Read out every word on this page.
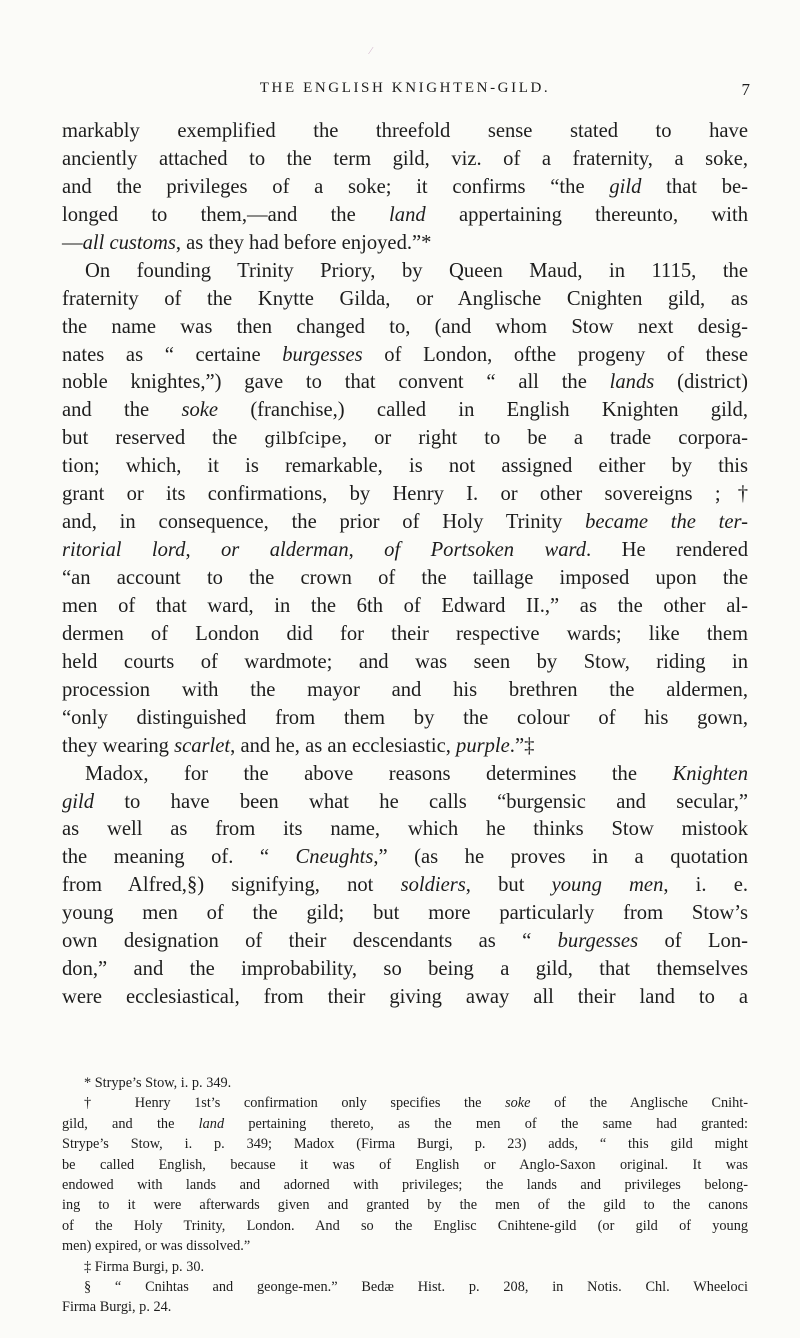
THE ENGLISH KNIGHTEN-GILD.	7
⁄
markably exemplified the threefold sense stated to have
anciently attached to the term gild, viz. of a fraternity, a soke,
and the privileges of a soke; it confirms “the gild that be-
longed to them,—and the land appertaining thereunto, with
—all customs, as they had before enjoyed.”*
On founding Trinity Priory, by Queen Maud, in 1115, the
fraternity of the Knytte Gilda, or Anglische Cnighten gild, as
the name was then changed to, (and whom Stow next desig-
nates as “ certaine burgesses of London, ofthe progeny of these
noble knightes,”) gave to that convent “ all the lands (district)
and the soke (franchise,) called in English Knighten gild,
but reserved the gilbſcipe, or right to be a trade corpora-
tion; which, it is remarkable, is not assigned either by this
grant or its confirmations, by Henry I. or other sovereigns ;†
and, in consequence, the prior of Holy Trinity became the ter-
ritorial lord, or alderman, of Portsoken ward. He rendered
“an account to the crown of the taillage imposed upon the
men of that ward, in the 6th of Edward II.,” as the other al-
dermen of London did for their respective wards; like them
held courts of wardmote; and was seen by Stow, riding in
procession with the mayor and his brethren the aldermen,
“only distinguished from them by the colour of his gown,
they wearing scarlet, and he, as an ecclesiastic, purple.”‡
Madox, for the above reasons determines the Knighten
gild to have been what he calls “burgensic and secular,”
as well as from its name, which he thinks Stow mistook
the meaning of. “ Cneughts,” (as he proves in a quotation
from Alfred,§) signifying, not soldiers, but young men, i. e.
young men of the gild; but more particularly from Stow’s
own designation of their descendants as “ burgesses of Lon-
don,” and the improbability, so being a gild, that themselves
were ecclesiastical, from their giving away all their land to a
* Strype’s Stow, i. p. 349.
† Henry 1st’s confirmation only specifies the soke of the Anglische Cniht-
gild, and the land pertaining thereto, as the men of the same had granted:
Strype’s Stow, i. p. 349; Madox (Firma Burgi, p. 23) adds, “ this gild might
be called English, because it was of English or Anglo-Saxon original. It was
endowed with lands and adorned with privileges; the lands and privileges belong-
ing to it were afterwards given and granted by the men of the gild to the canons
of the Holy Trinity, London. And so the Englisc Cnihtene-gild (or gild of young
men) expired, or was dissolved.”
‡ Firma Burgi, p. 30.
§ “ Cnihtas and geonge-men.” Bedæ Hist. p. 208, in Notis. Chl. Wheeloci
Firma Burgi, p. 24.
